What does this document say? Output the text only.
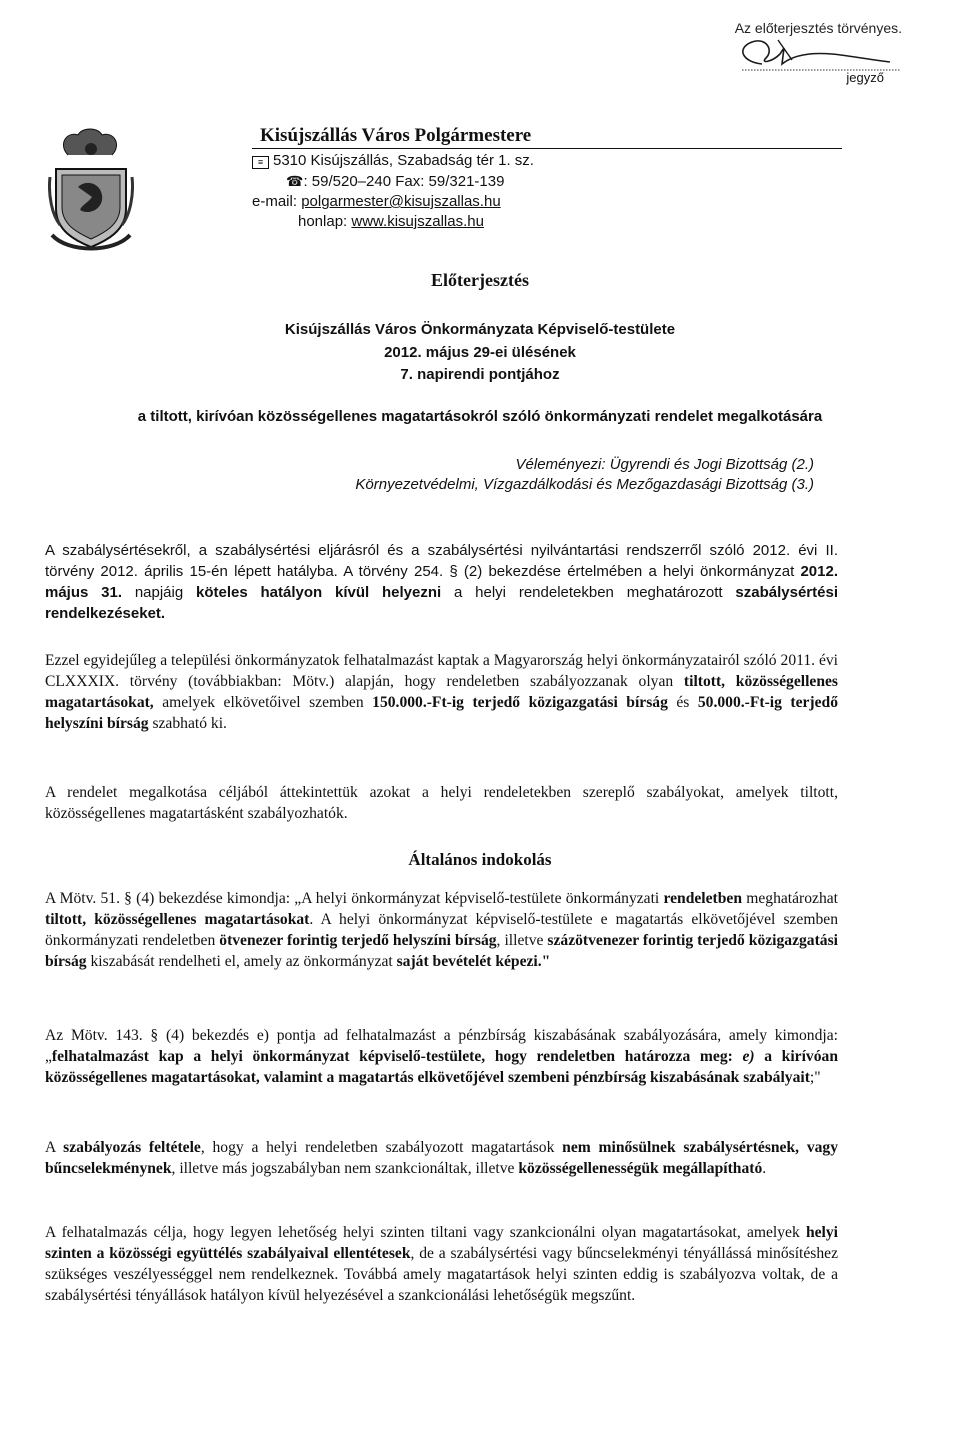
Az előterjesztés törvényes.
jegyző
Kisújszállás Város Polgármestere
≡ 5310 Kisújszállás, Szabadság tér 1. sz.
☎: 59/520–240 Fax: 59/321-139
e-mail: polgarmester@kisujszallas.hu
honlap: www.kisujszallas.hu
Előterjesztés
Kisújszállás Város Önkormányzata Képviselő-testülete
2012. május 29-ei ülésének
7. napirendi pontjához
a tiltott, kirívóan közösségellenes magatartásokról szóló önkormányzati rendelet megalkotására
Véleményezi: Ügyrendi és Jogi Bizottság (2.)
Környezetvédelmi, Vízgazdálkodási és Mezőgazdasági Bizottság (3.)
A szabálysértésekről, a szabálysértési eljárásról és a szabálysértési nyilvántartási rendszerről szóló 2012. évi II. törvény 2012. április 15-én lépett hatályba. A törvény 254. § (2) bekezdése értelmében a helyi önkormányzat 2012. május 31. napjáig köteles hatályon kívül helyezni a helyi rendeletekben meghatározott szabálysértési rendelkezéseket.
Ezzel egyidejűleg a települési önkormányzatok felhatalmazást kaptak a Magyarország helyi önkormányzatairól szóló 2011. évi CLXXXIX. törvény (továbbiakban: Mötv.) alapján, hogy rendeletben szabályozzanak olyan tiltott, közösségellenes magatartásokat, amelyek elkövetőivel szemben 150.000.-Ft-ig terjedő közigazgatási bírság és 50.000.-Ft-ig terjedő helyszíni bírság szabható ki.
A rendelet megalkotása céljából áttekintettük azokat a helyi rendeletekben szereplő szabályokat, amelyek tiltott, közösségellenes magatartásként szabályozhatók.
Általános indokolás
A Mötv. 51. § (4) bekezdése kimondja: „A helyi önkormányzat képviselő-testülete önkormányzati rendeletben meghatározhat tiltott, közösségellenes magatartásokat. A helyi önkormányzat képviselő-testülete e magatartás elkövetőjével szemben önkormányzati rendeletben ötvenezer forintig terjedő helyszíni bírság, illetve százötvenezer forintig terjedő közigazgatási bírság kiszabását rendelheti el, amely az önkormányzat saját bevételét képezi."
Az Mötv. 143. § (4) bekezdés e) pontja ad felhatalmazást a pénzbírság kiszabásának szabályozására, amely kimondja: „felhatalmazást kap a helyi önkormányzat képviselő-testülete, hogy rendeletben határozza meg: e) a kirívóan közösségellenes magatartásokat, valamint a magatartás elkövetőjével szembeni pénzbírság kiszabásának szabályait;"
A szabályozás feltétele, hogy a helyi rendeletben szabályozott magatartások nem minősülnek szabálysértésnek, vagy bűncselekménynek, illetve más jogszabályban nem szankcionáltak, illetve közösségellenességük megállapítható.
A felhatalmazás célja, hogy legyen lehetőség helyi szinten tiltani vagy szankcionálni olyan magatartásokat, amelyek helyi szinten a közösségi együttélés szabályaival ellentétesek, de a szabálysértési vagy bűncselekményi tényállássá minősítéshez szükséges veszélyességgel nem rendelkeznek. Továbbá amely magatartások helyi szinten eddig is szabályozva voltak, de a szabálysértési tényállások hatályon kívül helyezésével a szankcionálási lehetőségük megszűnt.
